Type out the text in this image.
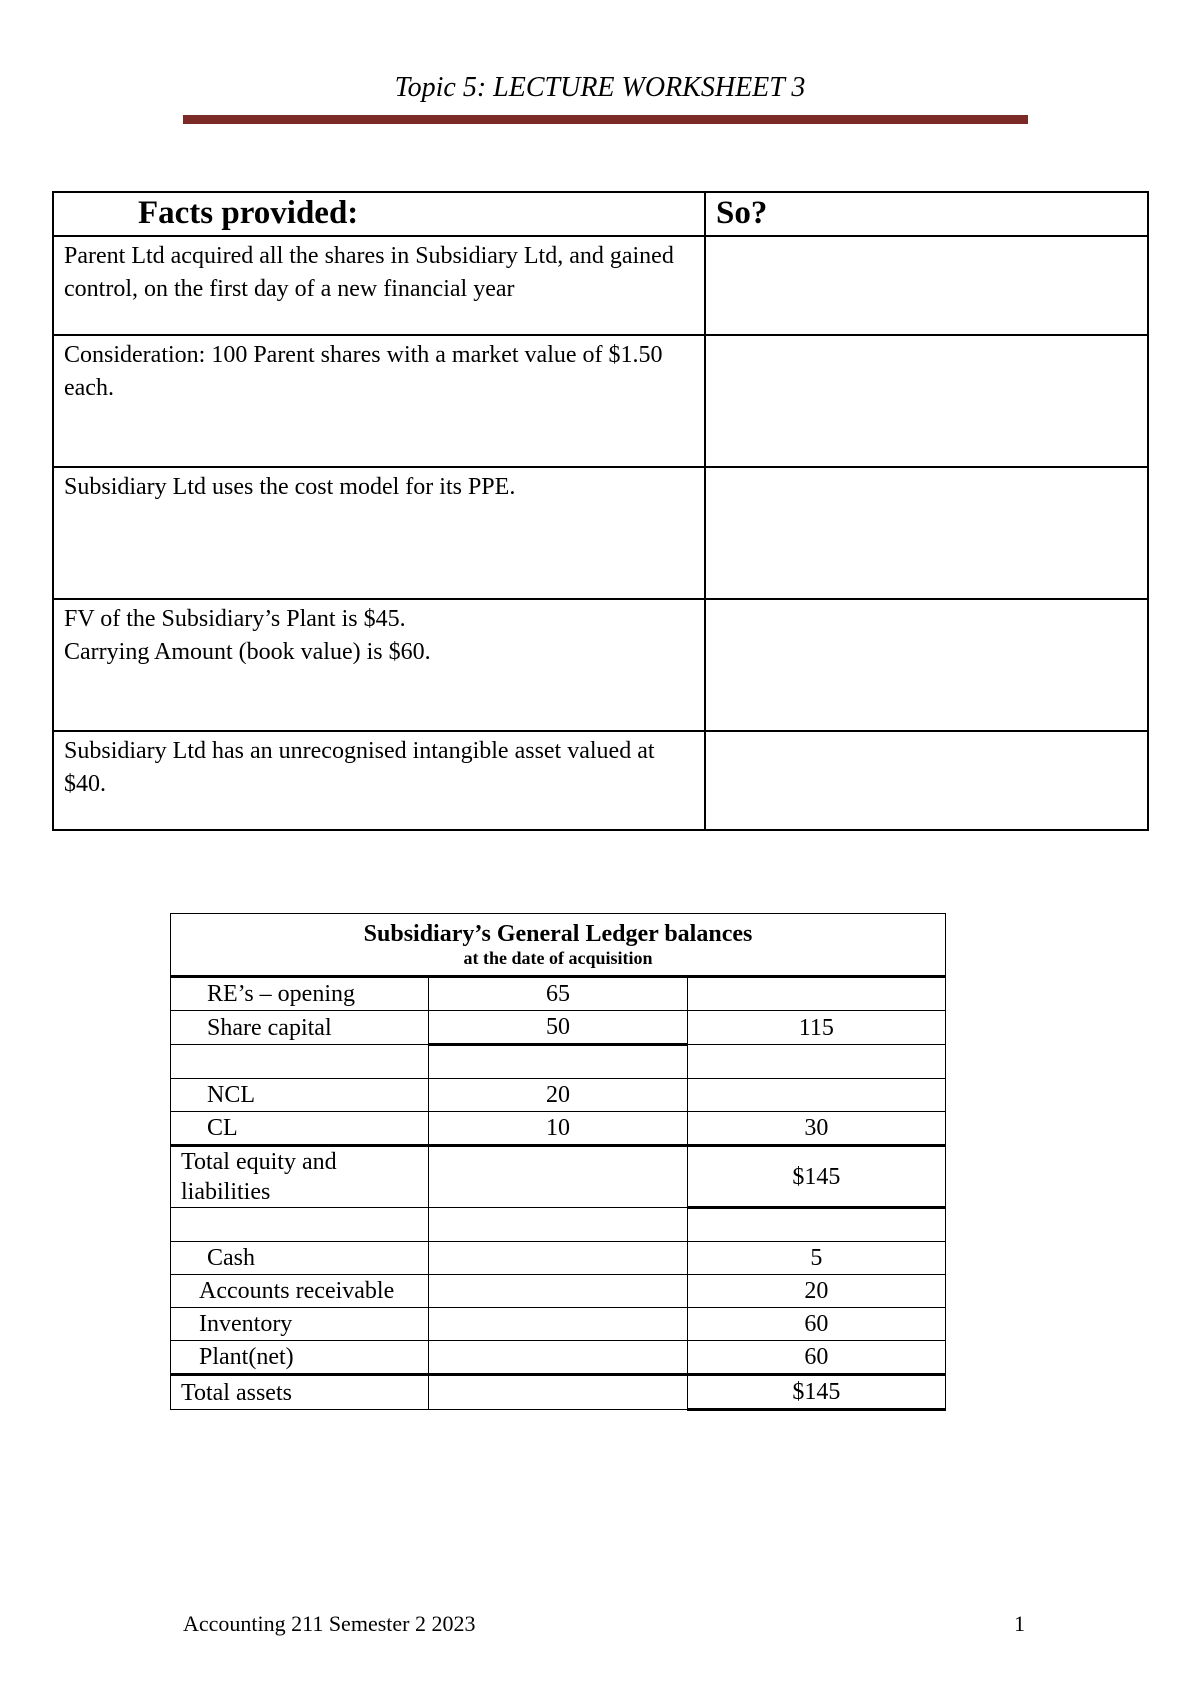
Topic 5: LECTURE WORKSHEET 3
Facts provided:	So?
Parent Ltd acquired all the shares in Subsidiary Ltd, and gained control, on the first day of a new financial year	
Consideration: 100 Parent shares with a market value of $1.50 each.	
Subsidiary Ltd uses the cost model for its PPE.	

FV of the Subsidiary’s Plant is $45.
Carrying Amount (book value) is $60.	

Subsidiary Ltd has an unrecognised intangible asset valued at $40.	
Subsidiary’s General Ledger balances
at the date of acquisition		

RE’s – opening	65	
Share capital	50	115

NCL	20	
CL	10	30
Total equity and liabilities		$145

Cash		5
Accounts receivable		20
Inventory		60
Plant(net)		60
Total assets		$145
Accounting 211 Semester 2 2023	1
